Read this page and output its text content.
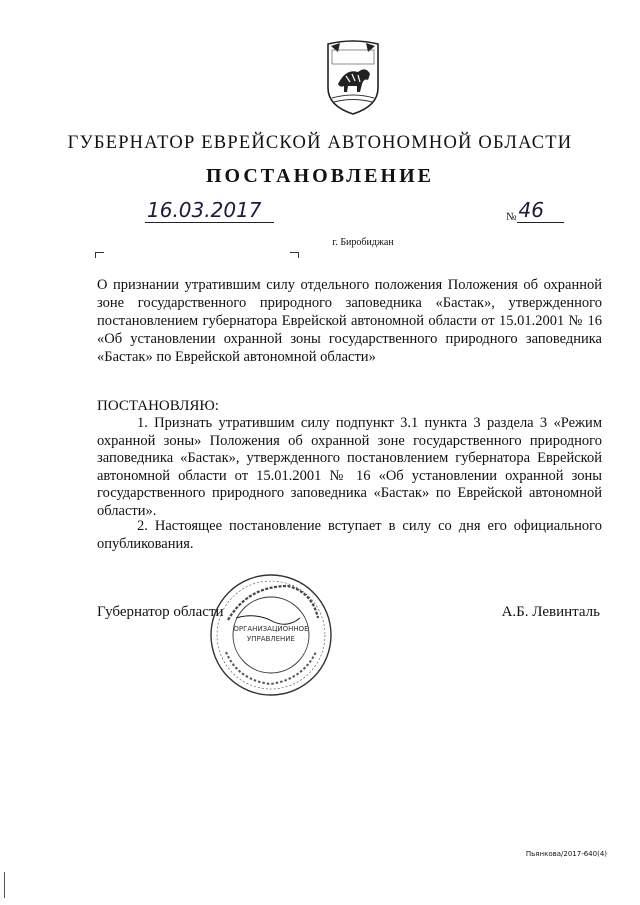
ГУБЕРНАТОР ЕВРЕЙСКОЙ АВТОНОМНОЙ ОБЛАСТИ
ПОСТАНОВЛЕНИЕ
16.03.2017	№ 46
г. Биробиджан

О признании утратившим силу отдельного положения Положения об охранной зоне государственного природного заповедника «Бастак», утвержденного постановлением губернатора Еврейской автономной области от 15.01.2001 № 16 «Об установлении охранной зоны государственного природного заповедника «Бастак» по Еврейской автономной области»

ПОСТАНОВЛЯЮ:

1. Признать утратившим силу подпункт 3.1 пункта 3 раздела 3 «Режим охранной зоны» Положения об охранной зоне государственного природного заповедника «Бастак», утвержденного постановлением губернатора Еврейской автономной области от 15.01.2001 № 16 «Об установлении охранной зоны государственного природного заповедника «Бастак» по Еврейской автономной области».

2. Настоящее постановление вступает в силу со дня его официального опубликования.

Губернатор области	А.Б. Левинталь
ОРГАНИЗАЦИОННОЕ
УПРАВЛЕНИЕ
Пьянкова/2017-640(4)
